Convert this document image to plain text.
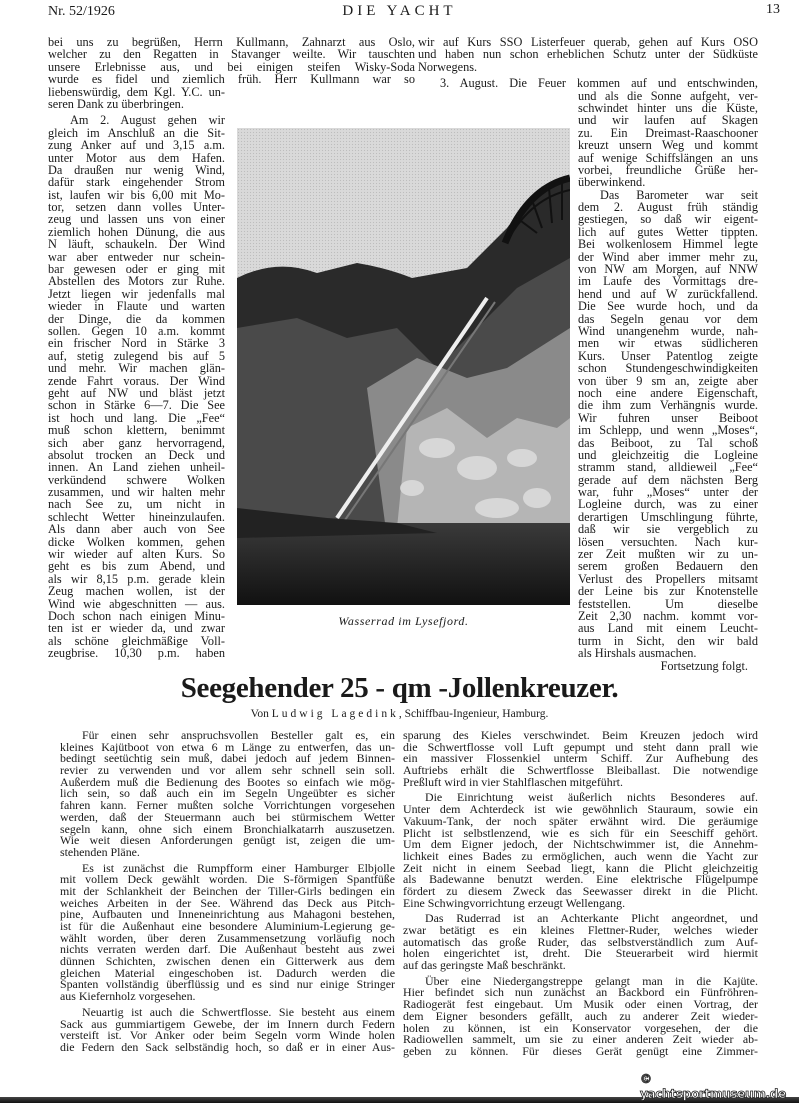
Nr. 52/1926	DIE YACHT	13
bei uns zu begrüßen, Herrn Kullmann, Zahnarzt aus Oslo,
welcher zu den Regatten in Stavanger weilte. Wir tauschten
unsere Erlebnisse aus, und bei einigen steifen Wisky-Soda
wurde es fidel und ziemlich früh. Herr Kullmann war so
liebenswürdig, dem Kgl. Y.C. un-
seren Dank zu überbringen.
Am 2. August gehen wir
gleich im Anschluß an die Sit-
zung Anker auf und 3,15 a.m.
unter Motor aus dem Hafen.
Da draußen nur wenig Wind,
dafür stark eingehender Strom
ist, laufen wir bis 6,00 mit Mo-
tor, setzen dann volles Unter-
zeug und lassen uns von einer
ziemlich hohen Dünung, die aus
N läuft, schaukeln. Der Wind
war aber entweder nur schein-
bar gewesen oder er ging mit
Abstellen des Motors zur Ruhe.
Jetzt liegen wir jedenfalls mal
wieder in Flaute und warten
der Dinge, die da kommen
sollen. Gegen 10 a.m. kommt
ein frischer Nord in Stärke 3
auf, stetig zulegend bis auf 5
und mehr. Wir machen glän-
zende Fahrt voraus. Der Wind
geht auf NW und bläst jetzt
schon in Stärke 6—7. Die See
ist hoch und lang. Die „Fee“
muß schon klettern, benimmt
sich aber ganz hervorragend,
absolut trocken an Deck und
innen. An Land ziehen unheil-
verkündend schwere Wolken
zusammen, und wir halten mehr
nach See zu, um nicht in
schlecht Wetter hineinzulaufen.
Als dann aber auch von See
dicke Wolken kommen, gehen
wir wieder auf alten Kurs. So
geht es bis zum Abend, und
als wir 8,15 p.m. gerade klein
Zeug machen wollen, ist der
Wind wie abgeschnitten — aus.
Doch schon nach einigen Minu-
ten ist er wieder da, und zwar
als schöne gleichmäßige Voll-
zeugbrise. 10,30 p.m. haben
wir auf Kurs SSO Listerfeuer querab, gehen auf Kurs OSO
und haben nun schon erheblichen Schutz unter der Südküste
Norwegens.
3. August. Die Feuer kommen auf und entschwinden,
und als die Sonne aufgeht, ver-
schwindet hinter uns die Küste,
und wir laufen auf Skagen
zu. Ein Dreimast-Raaschooner
kreuzt unsern Weg und kommt
auf wenige Schiffslängen an uns
vorbei, freundliche Grüße her-
überwinkend.
Das Barometer war seit
dem 2. August früh ständig
gestiegen, so daß wir eigent-
lich auf gutes Wetter tippten.
Bei wolkenlosem Himmel legte
der Wind aber immer mehr zu,
von NW am Morgen, auf NNW
im Laufe des Vormittags dre-
hend und auf W zurückfallend.
Die See wurde hoch, und da
das Segeln genau vor dem
Wind unangenehm wurde, nah-
men wir etwas südlicheren
Kurs. Unser Patentlog zeigte
schon Stundengeschwindigkeiten
von über 9 sm an, zeigte aber
noch eine andere Eigenschaft,
die ihm zum Verhängnis wurde.
Wir fuhren unser Beiboot
im Schlepp, und wenn „Moses“,
das Beiboot, zu Tal schoß
und gleichzeitig die Logleine
stramm stand, alldieweil „Fee“
gerade auf dem nächsten Berg
war, fuhr „Moses“ unter der
Logleine durch, was zu einer
derartigen Umschlingung führte,
daß wir sie vergeblich zu
lösen versuchten. Nach kur-
zer Zeit mußten wir zu un-
serem großen Bedauern den
Verlust des Propellers mitsamt
der Leine bis zur Knotenstelle
feststellen. Um dieselbe
Zeit 2,30 nachm. kommt vor-
aus Land mit einem Leucht-
turm in Sicht, den wir bald
als Hirshals ausmachen.
Fortsetzung folgt.
Wasserrad im Lysefjord.
Seegehender 25 - qm -Jollenkreuzer.
Von Ludwig Lagedink, Schiffbau-Ingenieur, Hamburg.
Für einen sehr anspruchsvollen Besteller galt es, ein
kleines Kajütboot von etwa 6 m Länge zu entwerfen, das un-
bedingt seetüchtig sein muß, dabei jedoch auf jedem Binnen-
revier zu verwenden und vor allem sehr schnell sein soll.
Außerdem muß die Bedienung des Bootes so einfach wie mög-
lich sein, so daß auch ein im Segeln Ungeübter es sicher
fahren kann. Ferner mußten solche Vorrichtungen vorgesehen
werden, daß der Steuermann auch bei stürmischem Wetter
segeln kann, ohne sich einem Bronchialkatarrh auszusetzen.
Wie weit diesen Anforderungen genügt ist, zeigen die um-
stehenden Pläne.
Es ist zunächst die Rumpfform einer Hamburger Elbjolle
mit vollem Deck gewählt worden. Die S-förmigen Spantfüße
mit der Schlankheit der Beinchen der Tiller-Girls bedingen ein
weiches Arbeiten in der See. Während das Deck aus Pitch-
pine, Aufbauten und Inneneinrichtung aus Mahagoni bestehen,
ist für die Außenhaut eine besondere Aluminium-Legierung ge-
wählt worden, über deren Zusammensetzung vorläufig noch
nichts verraten werden darf. Die Außenhaut besteht aus zwei
dünnen Schichten, zwischen denen ein Gitterwerk aus dem
gleichen Material eingeschoben ist. Dadurch werden die
Spanten vollständig überflüssig und es sind nur einige Stringer
aus Kiefernholz vorgesehen.
Neuartig ist auch die Schwertflosse. Sie besteht aus einem
Sack aus gummiartigem Gewebe, der im Innern durch Federn
versteift ist. Vor Anker oder beim Segeln vorm Winde holen
die Federn den Sack selbständig hoch, so daß er in einer Aus-
sparung des Kieles verschwindet. Beim Kreuzen jedoch wird
die Schwertflosse voll Luft gepumpt und steht dann prall wie
ein massiver Flossenkiel unterm Schiff. Zur Aufhebung des
Auftriebs erhält die Schwertflosse Bleiballast. Die notwendige
Preßluft wird in vier Stahlflaschen mitgeführt.
Die Einrichtung weist äußerlich nichts Besonderes auf.
Unter dem Achterdeck ist wie gewöhnlich Stauraum, sowie ein
Vakuum-Tank, der noch später erwähnt wird. Die geräumige
Plicht ist selbstlenzend, wie es sich für ein Seeschiff gehört.
Um dem Eigner jedoch, der Nichtschwimmer ist, die Annehm-
lichkeit eines Bades zu ermöglichen, auch wenn die Yacht zur
Zeit nicht in einem Seebad liegt, kann die Plicht gleichzeitig
als Badewanne benutzt werden. Eine elektrische Flügelpumpe
fördert zu diesem Zweck das Seewasser direkt in die Plicht.
Eine Schwingvorrichtung erzeugt Wellengang.
Das Ruderrad ist an Achterkante Plicht angeordnet, und
zwar betätigt es ein kleines Flettner-Ruder, welches wieder
automatisch das große Ruder, das selbstverständlich zum Auf-
holen eingerichtet ist, dreht. Die Steuerarbeit wird hiermit
auf das geringste Maß beschränkt.
Über eine Niedergangstreppe gelangt man in die Kajüte.
Hier befindet sich nun zunächst an Backbord ein Fünfröhren-
Radiogerät fest eingebaut. Um Musik oder einen Vortrag, der
dem Eigner besonders gefällt, auch zu anderer Zeit wieder-
holen zu können, ist ein Konservator vorgesehen, der die
Radiowellen sammelt, um sie zu einer anderen Zeit wieder ab-
geben zu können. Für dieses Gerät genügt eine Zimmer-
© yachtsportmuseum.de
